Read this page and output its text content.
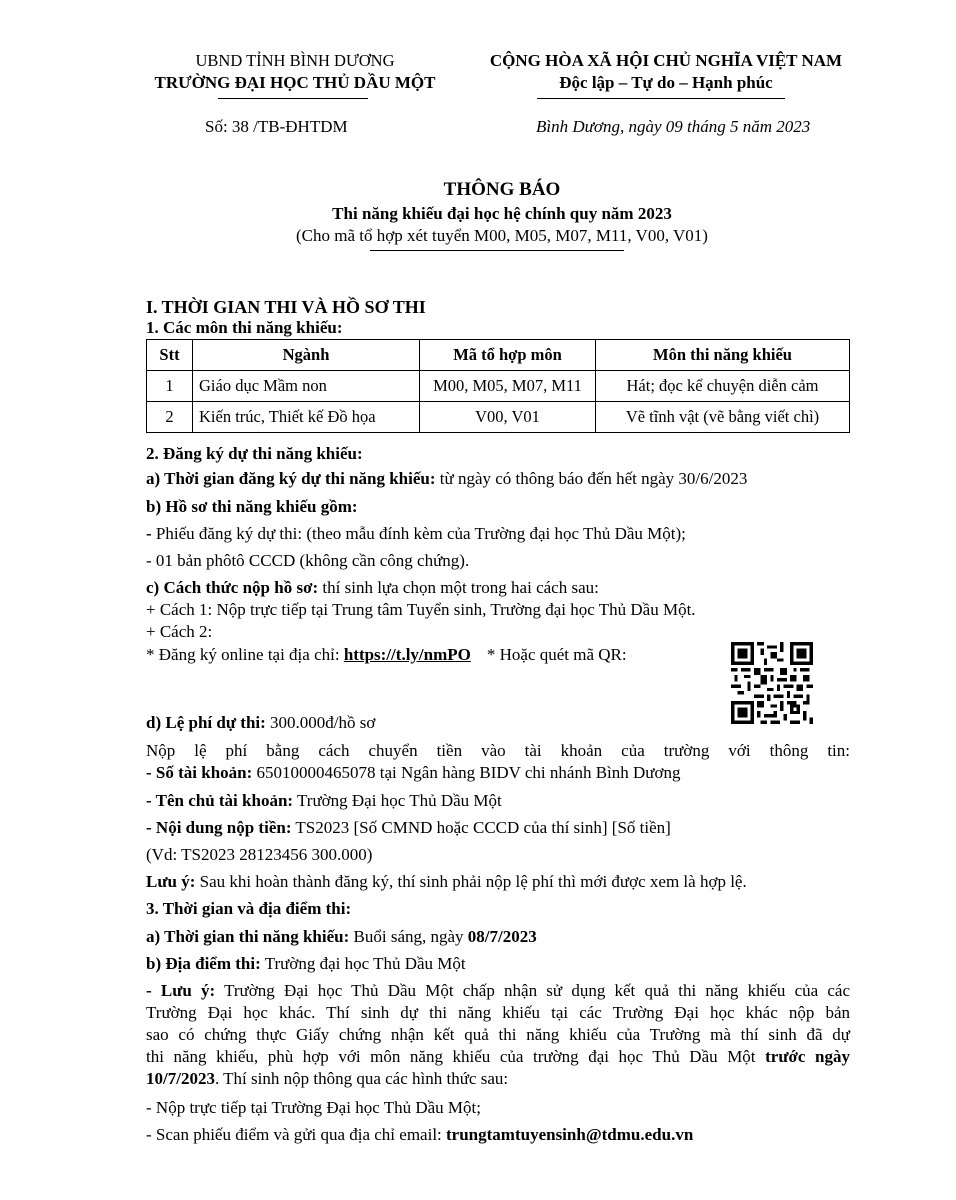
UBND TỈNH BÌNH DƯƠNG
TRƯỜNG ĐẠI HỌC THỦ DẦU MỘT
CỘNG HÒA XÃ HỘI CHỦ NGHĨA VIỆT NAM
Độc lập – Tự do – Hạnh phúc
Số: 38 /TB-ĐHTDM	Bình Dương, ngày 09 tháng 5 năm 2023
THÔNG BÁO
Thi năng khiếu đại học hệ chính quy năm 2023
(Cho mã tổ hợp xét tuyển M00, M05, M07, M11, V00, V01)
I. THỜI GIAN THI VÀ HỒ SƠ THI
1. Các môn thi năng khiếu:
Stt	Ngành	Mã tổ hợp môn	Môn thi năng khiếu
1	Giáo dục Mầm non	M00, M05, M07, M11	Hát; đọc kể chuyện diễn cảm
2	Kiến trúc, Thiết kế Đồ họa	V00, V01	Vẽ tĩnh vật (vẽ bằng viết chì)
2. Đăng ký dự thi năng khiếu:
a) Thời gian đăng ký dự thi năng khiếu: từ ngày có thông báo đến hết ngày 30/6/2023
b) Hồ sơ thi năng khiếu gồm:
- Phiếu đăng ký dự thi: (theo mẫu đính kèm của Trường đại học Thủ Dầu Một);
- 01 bản phôtô CCCD (không cần công chứng).
c) Cách thức nộp hồ sơ: thí sinh lựa chọn một trong hai cách sau:
+ Cách 1: Nộp trực tiếp tại Trung tâm Tuyển sinh, Trường đại học Thủ Dầu Một.
+ Cách 2:
* Đăng ký online tại địa chỉ: https://t.ly/nmPO * Hoặc quét mã QR:
d) Lệ phí dự thi: 300.000đ/hồ sơ
Nộp lệ phí bằng cách chuyển tiền vào tài khoản của trường với thông tin:
- Số tài khoản: 65010000465078 tại Ngân hàng BIDV chi nhánh Bình Dương
- Tên chủ tài khoản: Trường Đại học Thủ Dầu Một
- Nội dung nộp tiền: TS2023 [Số CMND hoặc CCCD của thí sinh] [Số tiền]
(Vd: TS2023 28123456 300.000)
Lưu ý: Sau khi hoàn thành đăng ký, thí sinh phải nộp lệ phí thì mới được xem là hợp lệ.
3. Thời gian và địa điểm thi:
a) Thời gian thi năng khiếu: Buổi sáng, ngày 08/7/2023
b) Địa điểm thi: Trường đại học Thủ Dầu Một
- Lưu ý: Trường Đại học Thủ Dầu Một chấp nhận sử dụng kết quả thi năng khiếu của các
Trường Đại học khác. Thí sinh dự thi năng khiếu tại các Trường Đại học khác nộp bản
sao có chứng thực Giấy chứng nhận kết quả thi năng khiếu của Trường mà thí sinh đã dự
thi năng khiếu, phù hợp với môn năng khiếu của trường đại học Thủ Dầu Một trước ngày
10/7/2023. Thí sinh nộp thông qua các hình thức sau:
- Nộp trực tiếp tại Trường Đại học Thủ Dầu Một;
- Scan phiếu điểm và gửi qua địa chỉ email: trungtamtuyensinh@tdmu.edu.vn
